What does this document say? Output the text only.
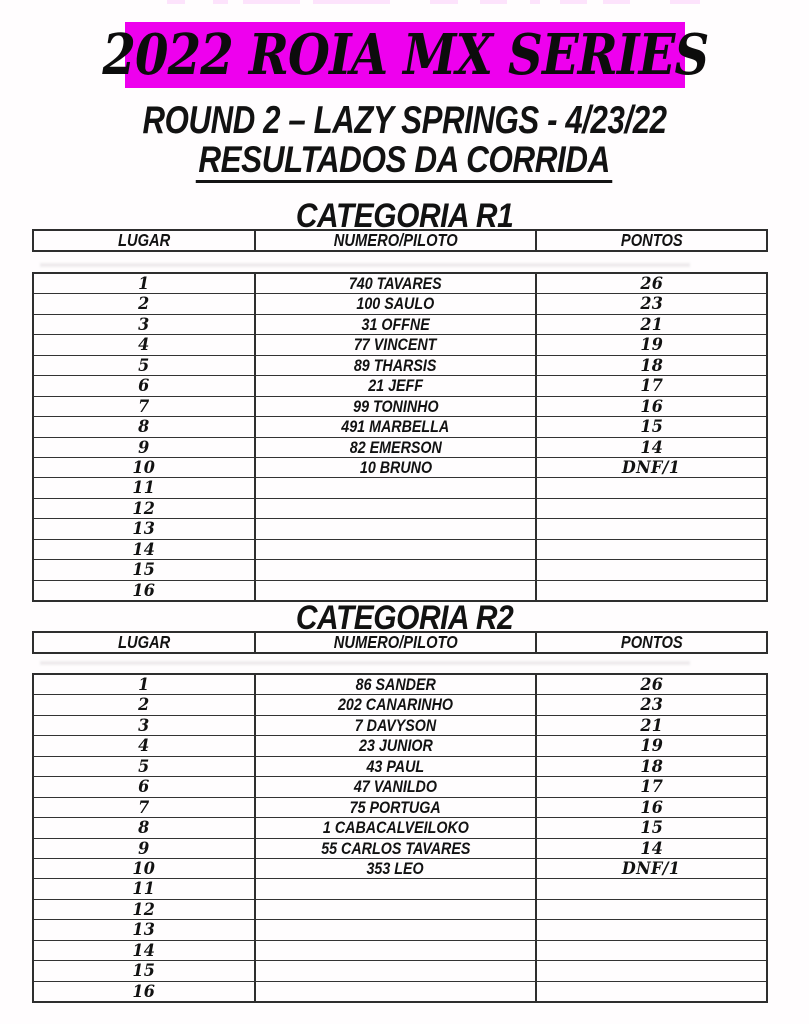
2022 ROIA MX SERIES
ROUND 2 – LAZY SPRINGS - 4/23/22
RESULTADOS DA CORRIDA
CATEGORIA R1
LUGAR	NUMERO/PILOTO	PONTOS
1	740 TAVARES	26
2	100 SAULO	23
3	31 OFFNE	21
4	77 VINCENT	19
5	89 THARSIS	18
6	21 JEFF	17
7	99 TONINHO	16
8	491 MARBELLA	15
9	82 EMERSON	14
10	10 BRUNO	DNF/1
11
12
13
14
15
16
CATEGORIA R2
LUGAR	NUMERO/PILOTO	PONTOS
1	86 SANDER	26
2	202 CANARINHO	23
3	7 DAVYSON	21
4	23 JUNIOR	19
5	43 PAUL	18
6	47 VANILDO	17
7	75 PORTUGA	16
8	1 CABACALVEILOKO	15
9	55 CARLOS TAVARES	14
10	353 LEO	DNF/1
11
12
13
14
15
16
